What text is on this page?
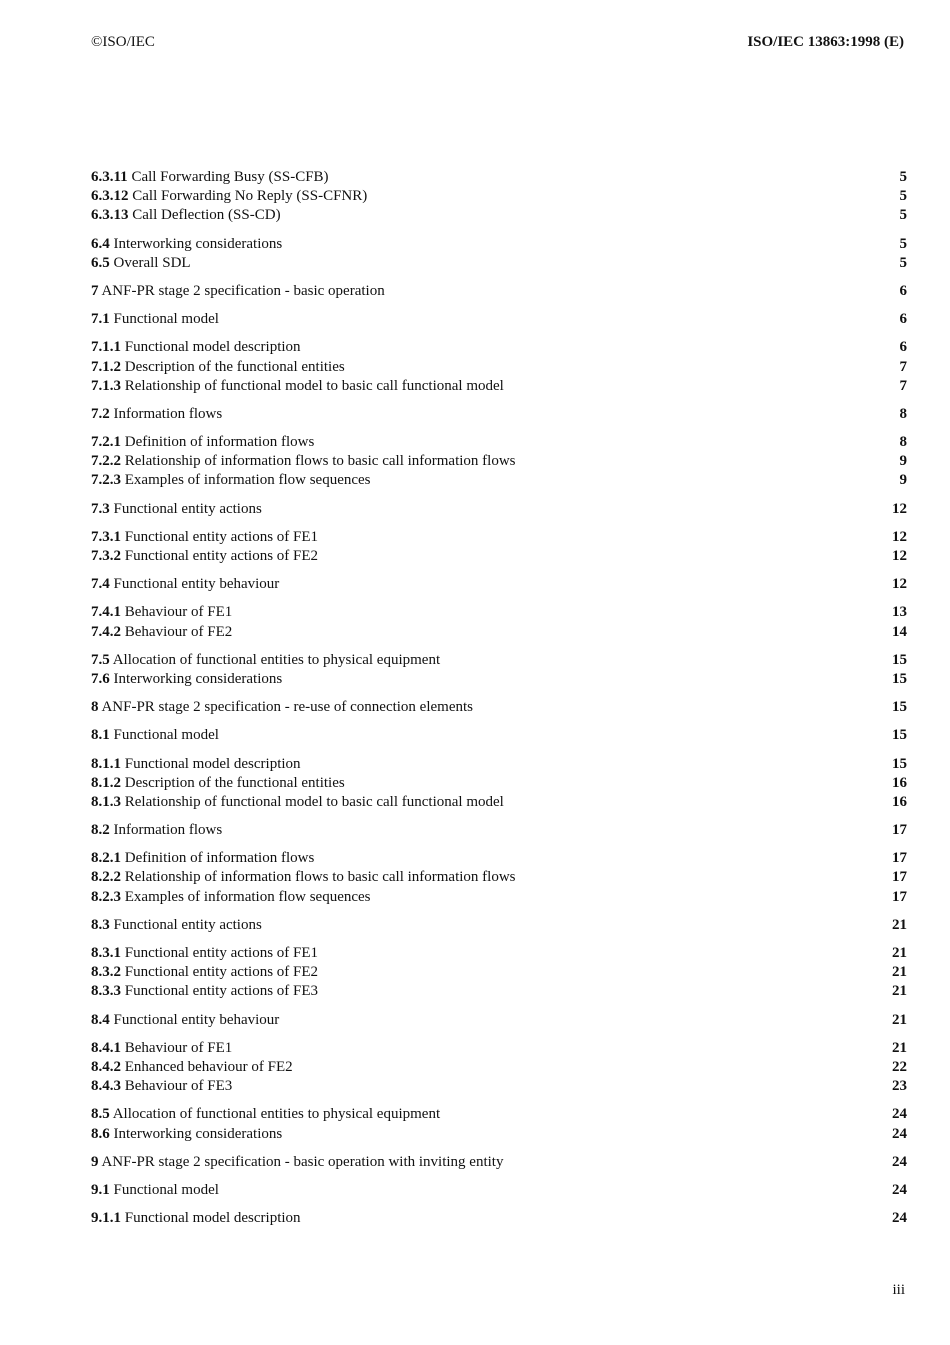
©ISO/IEC	ISO/IEC 13863:1998 (E)
6.3.11 Call Forwarding Busy (SS-CFB)	5
6.3.12 Call Forwarding No Reply (SS-CFNR)	5
6.3.13 Call Deflection (SS-CD)	5
6.4 Interworking considerations	5
6.5 Overall SDL	5
7 ANF-PR stage 2 specification - basic operation	6
7.1 Functional model	6
7.1.1 Functional model description	6
7.1.2 Description of the functional entities	7
7.1.3 Relationship of functional model to basic call functional model	7
7.2 Information flows	8
7.2.1 Definition of information flows	8
7.2.2 Relationship of information flows to basic call information flows	9
7.2.3 Examples of information flow sequences	9
7.3 Functional entity actions	12
7.3.1 Functional entity actions of FE1	12
7.3.2 Functional entity actions of FE2	12
7.4 Functional entity behaviour	12
7.4.1 Behaviour of FE1	13
7.4.2 Behaviour of FE2	14
7.5 Allocation of functional entities to physical equipment	15
7.6 Interworking considerations	15
8 ANF-PR stage 2 specification - re-use of connection elements	15
8.1 Functional model	15
8.1.1 Functional model description	15
8.1.2 Description of the functional entities	16
8.1.3 Relationship of functional model to basic call functional model	16
8.2 Information flows	17
8.2.1 Definition of information flows	17
8.2.2 Relationship of information flows to basic call information flows	17
8.2.3 Examples of information flow sequences	17
8.3 Functional entity actions	21
8.3.1 Functional entity actions of FE1	21
8.3.2 Functional entity actions of FE2	21
8.3.3 Functional entity actions of FE3	21
8.4 Functional entity behaviour	21
8.4.1 Behaviour of FE1	21
8.4.2 Enhanced behaviour of FE2	22
8.4.3 Behaviour of FE3	23
8.5 Allocation of functional entities to physical equipment	24
8.6 Interworking considerations	24
9 ANF-PR stage 2 specification - basic operation with inviting entity	24
9.1 Functional model	24
9.1.1 Functional model description	24
iii
